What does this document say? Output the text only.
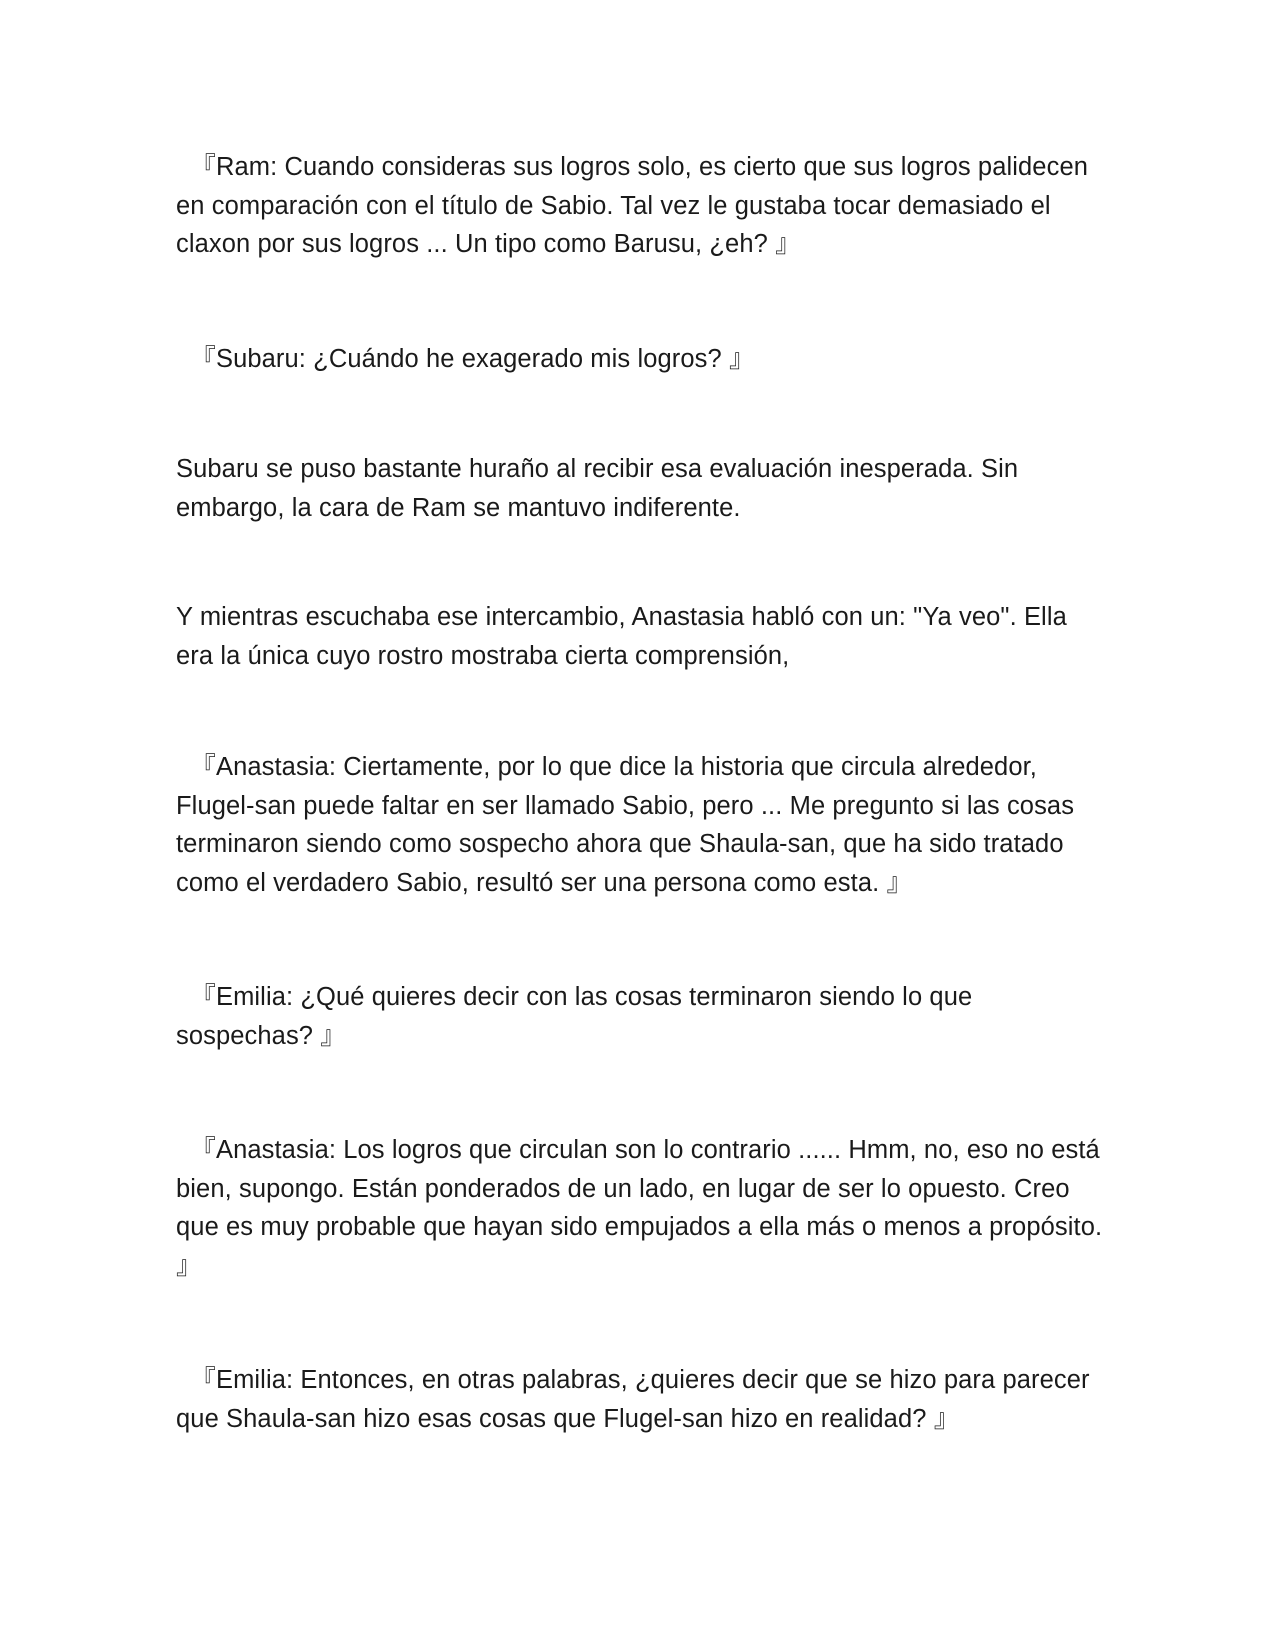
『Ram: Cuando consideras sus logros solo, es cierto que sus logros palidecen en comparación con el título de Sabio. Tal vez le gustaba tocar demasiado el claxon por sus logros ... Un tipo como Barusu, ¿eh? 』

『Subaru: ¿Cuándo he exagerado mis logros? 』

Subaru se puso bastante huraño al recibir esa evaluación inesperada. Sin embargo, la cara de Ram se mantuvo indiferente.

Y mientras escuchaba ese intercambio, Anastasia habló con un: "Ya veo". Ella era la única cuyo rostro mostraba cierta comprensión,

『Anastasia: Ciertamente, por lo que dice la historia que circula alrededor, Flugel-san puede faltar en ser llamado Sabio, pero ... Me pregunto si las cosas terminaron siendo como sospecho ahora que Shaula-san, que ha sido tratado como el verdadero Sabio, resultó ser una persona como esta. 』

『Emilia: ¿Qué quieres decir con las cosas terminaron siendo lo que sospechas? 』

『Anastasia: Los logros que circulan son lo contrario ...... Hmm, no, eso no está bien, supongo. Están ponderados de un lado, en lugar de ser lo opuesto. Creo que es muy probable que hayan sido empujados a ella más o menos a propósito. 』

『Emilia: Entonces, en otras palabras, ¿quieres decir que se hizo para parecer que Shaula-san hizo esas cosas que Flugel-san hizo en realidad? 』
